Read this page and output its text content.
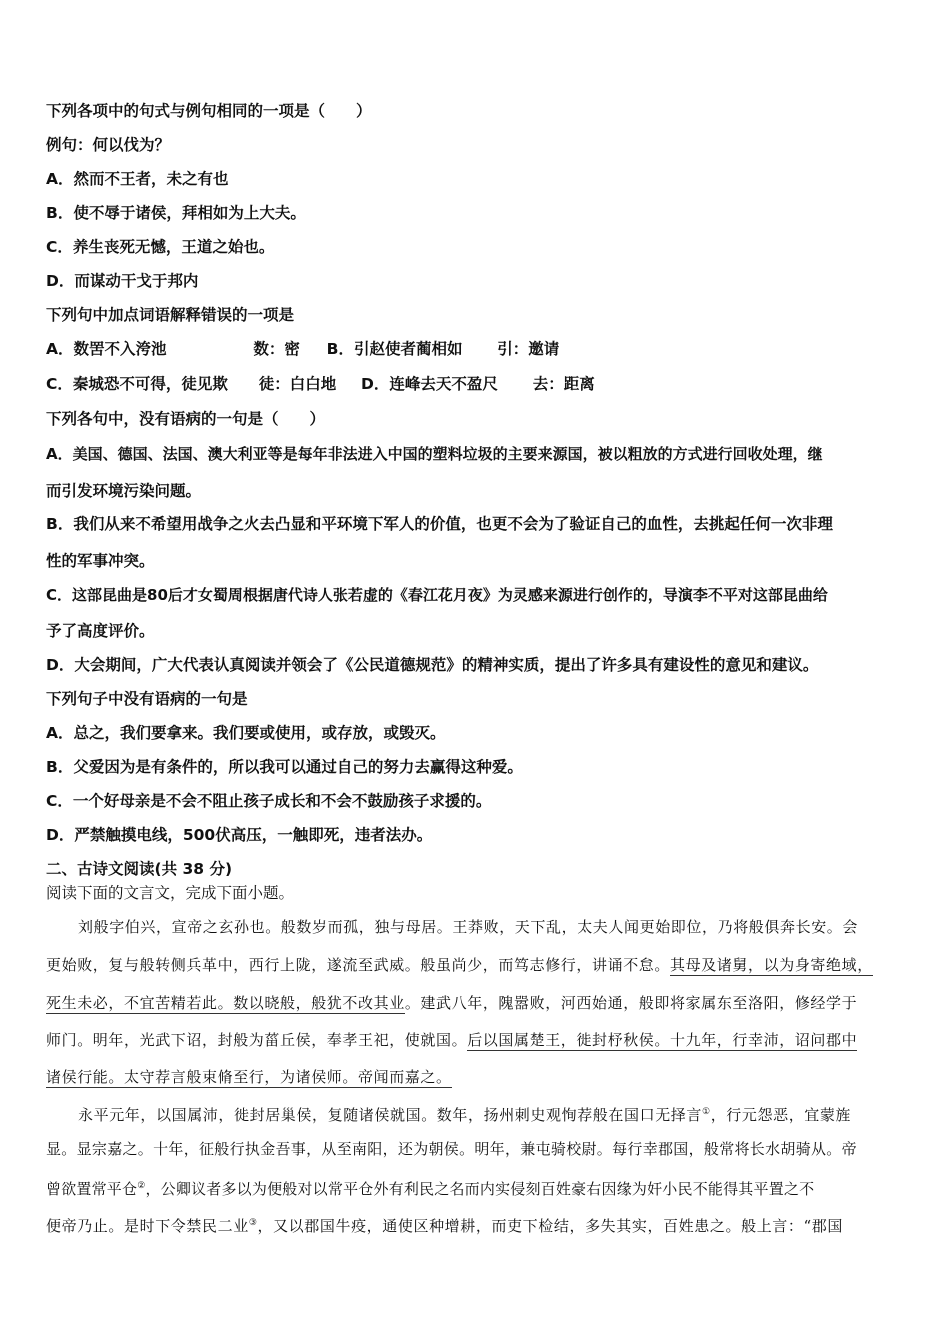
下列各项中的句式与例句相同的一项是（　　）
例句：何以伐为？
A．然而不王者，未之有也
B．使不辱于诸侯，拜相如为上大夫。
C．养生丧死无憾，王道之始也。
D．而谋动干戈于邦内
下列句中加点词语解释错误的一项是
A．数罟不入洿池	数：密 B．引赵使者蔺相如 引：邀请
C．秦城恐不可得，徒见欺 徒：白白地 D．连峰去天不盈尺 去：距离
下列各句中，没有语病的一句是（　　）
A．美国、德国、法国、澳大利亚等是每年非法进入中国的塑料垃圾的主要来源国，被以粗放的方式进行回收处理，继
而引发环境污染问题。
B．我们从来不希望用战争之火去凸显和平环境下军人的价值，也更不会为了验证自己的血性，去挑起任何一次非理
性的军事冲突。
C．这部昆曲是80后才女蜀周根据唐代诗人张若虚的《春江花月夜》为灵感来源进行创作的，导演李不平对这部昆曲给
予了高度评价。
D．大会期间，广大代表认真阅读并领会了《公民道德规范》的精神实质，提出了许多具有建设性的意见和建议。
下列句子中没有语病的一句是
A．总之，我们要拿来。我们要或使用，或存放，或毁灭。
B．父爱因为是有条件的，所以我可以通过自己的努力去赢得这种爱。
C．一个好母亲是不会不阻止孩子成长和不会不鼓励孩子求援的。
D．严禁触摸电线，500伏高压，一触即死，违者法办。
二、古诗文阅读(共 38 分)
阅读下面的文言文，完成下面小题。
刘般字伯兴，宣帝之玄孙也。般数岁而孤，独与母居。王莽败，天下乱，太夫人闻更始即位，乃将般俱奔长安。会
更始败，复与般转侧兵革中，西行上陇，遂流至武威。般虽尚少，而笃志修行，讲诵不怠。其母及诸舅，以为身寄绝域，
死生未必，不宜苦精若此。数以晓般，般犹不改其业。建武八年，隗嚣败，河西始通，般即将家属东至洛阳，修经学于
师门。明年，光武下诏，封般为菑丘侯，奉孝王祀，使就国。后以国属楚王，徙封杼秋侯。十九年，行幸沛，诏问郡中
诸侯行能。太守荐言般束脩至行，为诸侯师。帝闻而嘉之。
永平元年，以国属沛，徙封居巢侯，复随诸侯就国。数年，扬州刺史观恂荐般在国口无择言①，行元怨恶，宜蒙旌
显。显宗嘉之。十年，征般行执金吾事，从至南阳，还为朝侯。明年，兼屯骑校尉。每行幸郡国，般常将长水胡骑从。帝
曾欲置常平仓②，公卿议者多以为便般对以常平仓外有利民之名而内实侵刻百姓豪右因缘为奸小民不能得其平置之不
便帝乃止。是时下令禁民二业③，又以郡国牛疫，通使区种增耕，而吏下检结，多失其实，百姓患之。般上言：“郡国
